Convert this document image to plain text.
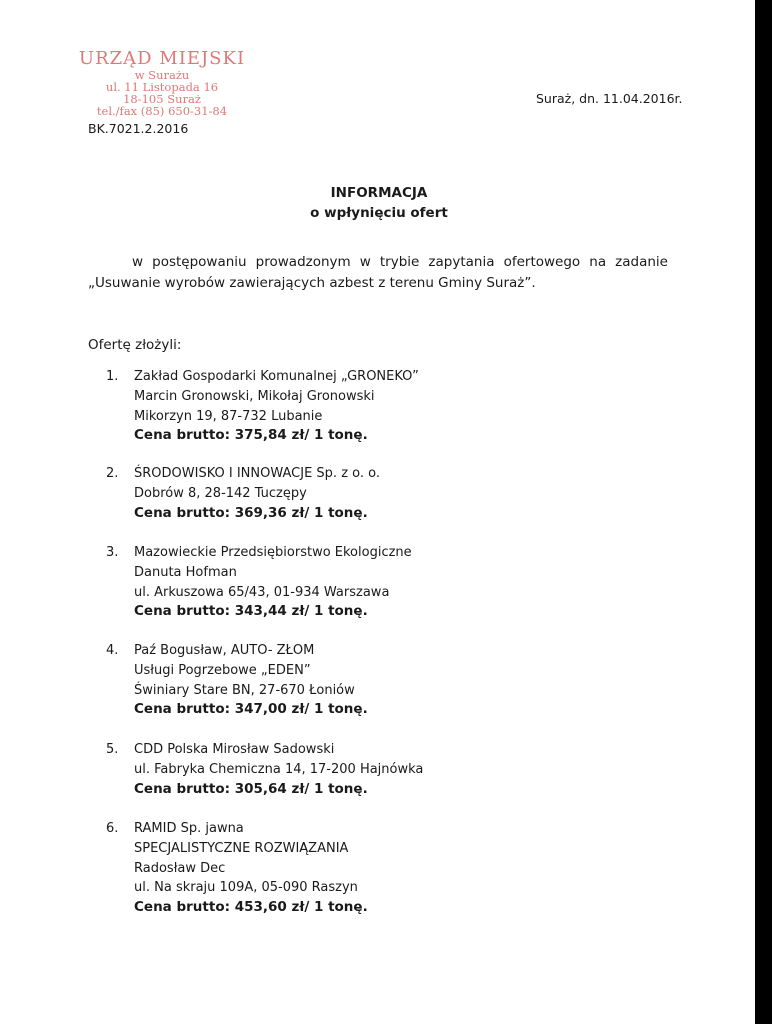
URZĄD MIEJSKI
w Surażu
ul. 11 Listopada 16
18-105 Suraż
tel./fax (85) 650-31-84
BK.7021.2.2016
Suraż, dn. 11.04.2016r.
INFORMACJA
o wpłynięciu ofert
w postępowaniu prowadzonym w trybie zapytania ofertowego na zadanie „Usuwanie wyrobów zawierających azbest z terenu Gminy Suraż”.
Ofertę złożyli:
1.	Zakład Gospodarki Komunalnej „GRONEKO”
Marcin Gronowski, Mikołaj Gronowski
Mikorzyn 19, 87-732 Lubanie
Cena brutto: 375,84 zł/ 1 tonę.
2.	ŚRODOWISKO I INNOWACJE Sp. z o. o.
Dobrów 8, 28-142 Tuczępy
Cena brutto: 369,36 zł/ 1 tonę.
3.	Mazowieckie Przedsiębiorstwo Ekologiczne
Danuta Hofman
ul. Arkuszowa 65/43, 01-934 Warszawa
Cena brutto: 343,44 zł/ 1 tonę.
4.	Paź Bogusław, AUTO- ZŁOM
Usługi Pogrzebowe „EDEN”
Świniary Stare BN, 27-670 Łoniów
Cena brutto: 347,00 zł/ 1 tonę.
5.	CDD Polska Mirosław Sadowski
ul. Fabryka Chemiczna 14, 17-200 Hajnówka
Cena brutto: 305,64 zł/ 1 tonę.
6.	RAMID Sp. jawna
SPECJALISTYCZNE ROZWIĄZANIA
Radosław Dec
ul. Na skraju 109A, 05-090 Raszyn
Cena brutto: 453,60 zł/ 1 tonę.
